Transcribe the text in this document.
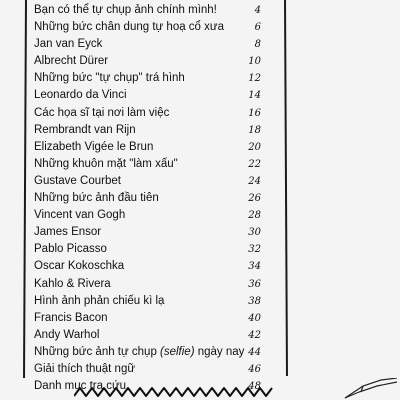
Bạn có thể tự chụp ảnh chính mình!	4
Những bức chân dung tự hoạ cổ xưa	6
Jan van Eyck	8
Albrecht Dürer	10
Những bức "tự chụp" trá hình	12
Leonardo da Vinci	14
Các họa sĩ tại nơi làm việc	16
Rembrandt van Rijn	18
Elizabeth Vigée le Brun	20
Những khuôn mặt "làm xấu"	22
Gustave Courbet	24
Những bức ảnh đầu tiên	26
Vincent van Gogh	28
James Ensor	30
Pablo Picasso	32
Oscar Kokoschka	34
Kahlo & Rivera	36
Hình ảnh phản chiếu kì lạ	38
Francis Bacon	40
Andy Warhol	42
Những bức ảnh tự chụp (selfie) ngày nay 44
Giải thích thuật ngữ	46
Danh mục tra cứu	48
